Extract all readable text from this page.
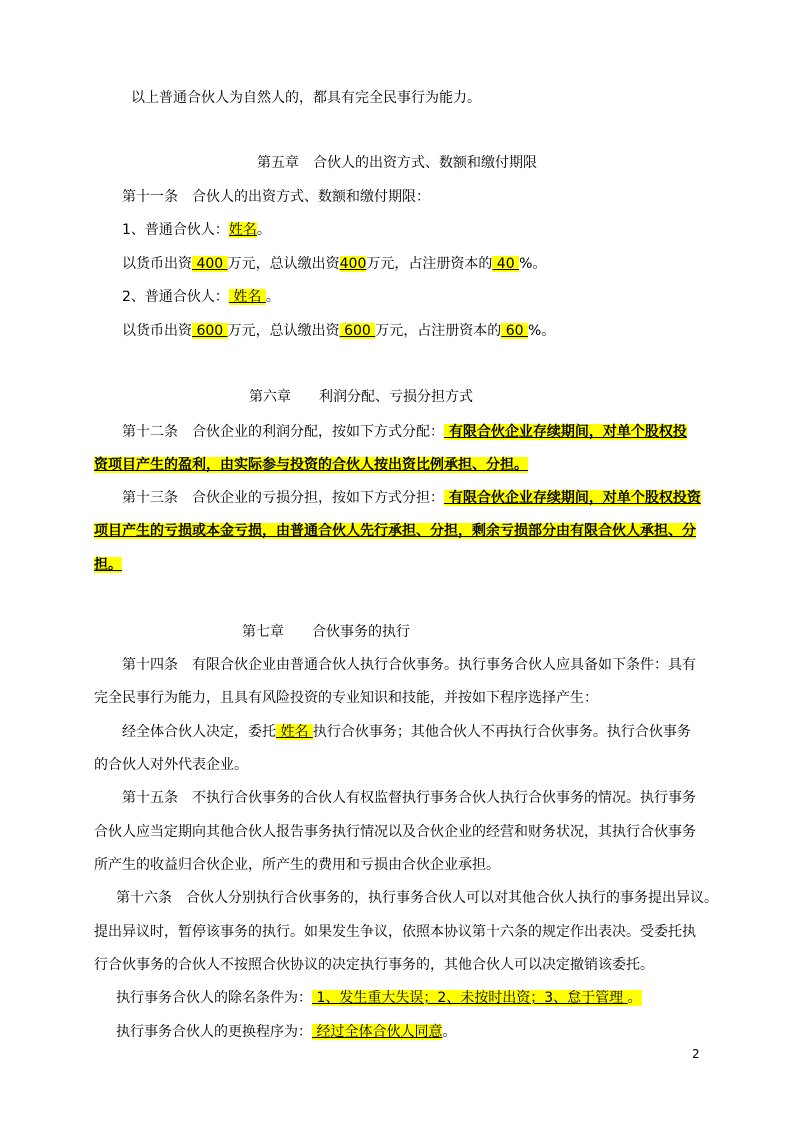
以上普通合伙人为自然人的，都具有完全民事行为能力。
第五章　合伙人的出资方式、数额和缴付期限
第十一条　合伙人的出资方式、数额和缴付期限：
1、普通合伙人：姓名。
以货币出资 400 万元，总认缴出资400万元，占注册资本的 40 %。
2、普通合伙人： 姓名 。
以货币出资 600 万元，总认缴出资 600 万元，占注册资本的 60 %。
第六章　　利润分配、亏损分担方式
第十二条　合伙企业的利润分配，按如下方式分配： 有限合伙企业存续期间，对单个股权投
资项目产生的盈利，由实际参与投资的合伙人按出资比例承担、分担。
第十三条　合伙企业的亏损分担，按如下方式分担： 有限合伙企业存续期间，对单个股权投资
项目产生的亏损或本金亏损，由普通合伙人先行承担、分担，剩余亏损部分由有限合伙人承担、分
担。
第七章　　合伙事务的执行
第十四条　有限合伙企业由普通合伙人执行合伙事务。执行事务合伙人应具备如下条件：具有
完全民事行为能力，且具有风险投资的专业知识和技能，并按如下程序选择产生：
经全体合伙人决定，委托 姓名 执行合伙事务；其他合伙人不再执行合伙事务。执行合伙事务
的合伙人对外代表企业。
第十五条　不执行合伙事务的合伙人有权监督执行事务合伙人执行合伙事务的情况。执行事务
合伙人应当定期向其他合伙人报告事务执行情况以及合伙企业的经营和财务状况，其执行合伙事务
所产生的收益归合伙企业，所产生的费用和亏损由合伙企业承担。
第十六条　合伙人分别执行合伙事务的，执行事务合伙人可以对其他合伙人执行的事务提出异议。
提出异议时，暂停该事务的执行。如果发生争议，依照本协议第十六条的规定作出表决。受委托执
行合伙事务的合伙人不按照合伙协议的决定执行事务的，其他合伙人可以决定撤销该委托。
执行事务合伙人的除名条件为： 1、发生重大失误；2、未按时出资；3、怠于管理 。
执行事务合伙人的更换程序为： 经过全体合伙人同意。
2
